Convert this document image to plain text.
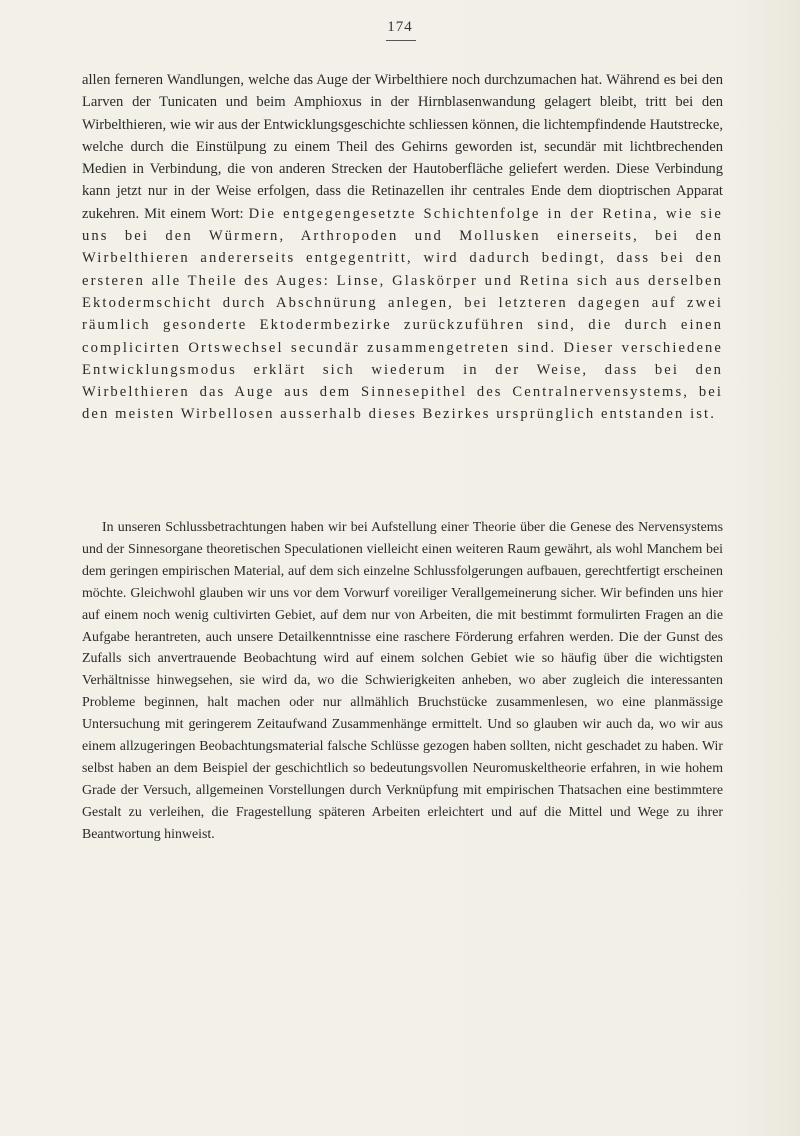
174
allen ferneren Wandlungen, welche das Auge der Wirbelthiere noch durchzumachen hat. Während es bei den Larven der Tunicaten und beim Amphioxus in der Hirnblasenwandung gelagert bleibt, tritt bei den Wirbelthieren, wie wir aus der Entwicklungsgeschichte schliessen können, die lichtempfindende Hautstrecke, welche durch die Einstülpung zu einem Theil des Gehirns geworden ist, secundär mit lichtbrechenden Medien in Verbindung, die von anderen Strecken der Hautoberfläche geliefert werden. Diese Verbindung kann jetzt nur in der Weise erfolgen, dass die Retinazellen ihr centrales Ende dem dioptrischen Apparat zukehren. Mit einem Wort: Die entgegengesetzte Schichtenfolge in der Retina, wie sie uns bei den Würmern, Arthropoden und Mollusken einerseits, bei den Wirbelthieren andererseits entgegentritt, wird dadurch bedingt, dass bei den ersteren alle Theile des Auges: Linse, Glaskörper und Retina sich aus derselben Ektodermschicht durch Abschnürung anlegen, bei letzteren dagegen auf zwei räumlich gesonderte Ektodermbezirke zurückzuführen sind, die durch einen complicirten Ortswechsel secundär zusammengetreten sind. Dieser verschiedene Entwicklungsmodus erklärt sich wiederum in der Weise, dass bei den Wirbelthieren das Auge aus dem Sinnesepithel des Centralnervensystems, bei den meisten Wirbellosen ausserhalb dieses Bezirkes ursprünglich entstanden ist.
In unseren Schlussbetrachtungen haben wir bei Aufstellung einer Theorie über die Genese des Nervensystems und der Sinnesorgane theoretischen Speculationen vielleicht einen weiteren Raum gewährt, als wohl Manchem bei dem geringen empirischen Material, auf dem sich einzelne Schlussfolgerungen aufbauen, gerechtfertigt erscheinen möchte. Gleichwohl glauben wir uns vor dem Vorwurf voreiliger Verallgemeinerung sicher. Wir befinden uns hier auf einem noch wenig cultivirten Gebiet, auf dem nur von Arbeiten, die mit bestimmt formulirten Fragen an die Aufgabe herantreten, auch unsere Detailkenntnisse eine raschere Förderung erfahren werden. Die der Gunst des Zufalls sich anvertrauende Beobachtung wird auf einem solchen Gebiet wie so häufig über die wichtigsten Verhältnisse hinwegsehen, sie wird da, wo die Schwierigkeiten anheben, wo aber zugleich die interessanten Probleme beginnen, halt machen oder nur allmählich Bruchstücke zusammenlesen, wo eine planmässige Untersuchung mit geringerem Zeitaufwand Zusammenhänge ermittelt. Und so glauben wir auch da, wo wir aus einem allzugeringen Beobachtungsmaterial falsche Schlüsse gezogen haben sollten, nicht geschadet zu haben. Wir selbst haben an dem Beispiel der geschichtlich so bedeutungsvollen Neuromuskeltheorie erfahren, in wie hohem Grade der Versuch, allgemeinen Vorstellungen durch Verknüpfung mit empirischen Thatsachen eine bestimmtere Gestalt zu verleihen, die Fragestellung späteren Arbeiten erleichtert und auf die Mittel und Wege zu ihrer Beantwortung hinweist.
